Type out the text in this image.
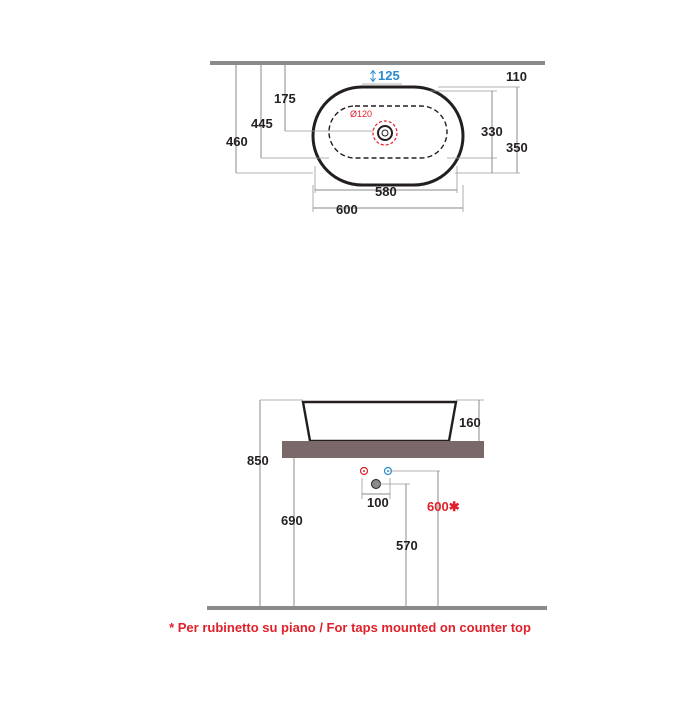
Ø120
125
460
445
175
330
350
110
580
600
850
690
160
100
570
600✱
* Per rubinetto su piano / For taps mounted on counter top
